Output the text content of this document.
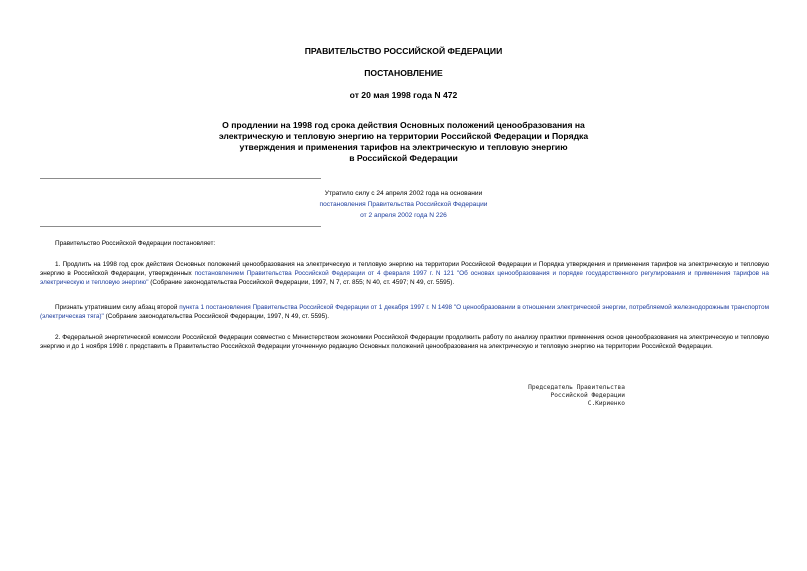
ПРАВИТЕЛЬСТВО РОССИЙСКОЙ ФЕДЕРАЦИИ
ПОСТАНОВЛЕНИЕ
от 20 мая 1998 года N 472
О продлении на 1998 год срока действия Основных положений ценообразования на
электрическую и тепловую энергию на территории Российской Федерации и Порядка
утверждения и применения тарифов на электрическую и тепловую энергию
в Российской Федерации
Утратило силу с 24 апреля 2002 года на основании
постановления Правительства Российской Федерации
от 2 апреля 2002 года N 226
Правительство Российской Федерации постановляет:
1. Продлить на 1998 год срок действия Основных положений ценообразования на электрическую и тепловую энергию на территории Российской Федерации и Порядка утверждения и применения тарифов на электрическую и тепловую энергию в Российской Федерации, утвержденных постановлением Правительства Российской Федерации от 4 февраля 1997 г. N 121 "Об основах ценообразования и порядке государственного регулирования и применения тарифов на электрическую и тепловую энергию" (Собрание законодательства Российской Федерации, 1997, N 7, ст. 855; N 40, ст. 4597; N 49, ст. 5595).
Признать утратившим силу абзац второй пункта 1 постановления Правительства Российской Федерации от 1 декабря 1997 г. N 1498 "О ценообразовании в отношении электрической энергии, потребляемой железнодорожным транспортом (электрическая тяга)" (Собрание законодательства Российской Федерации, 1997, N 49, ст. 5595).
2. Федеральной энергетической комиссии Российской Федерации совместно с Министерством экономики Российской Федерации продолжить работу по анализу практики применения основ ценообразования на электрическую и тепловую энергию и до 1 ноября 1998 г. представить в Правительство Российской Федерации уточненную редакцию Основных положений ценообразования на электрическую и тепловую энергию на территории Российской Федерации.
Председатель Правительства
Российской Федерации
С.Кириенко
